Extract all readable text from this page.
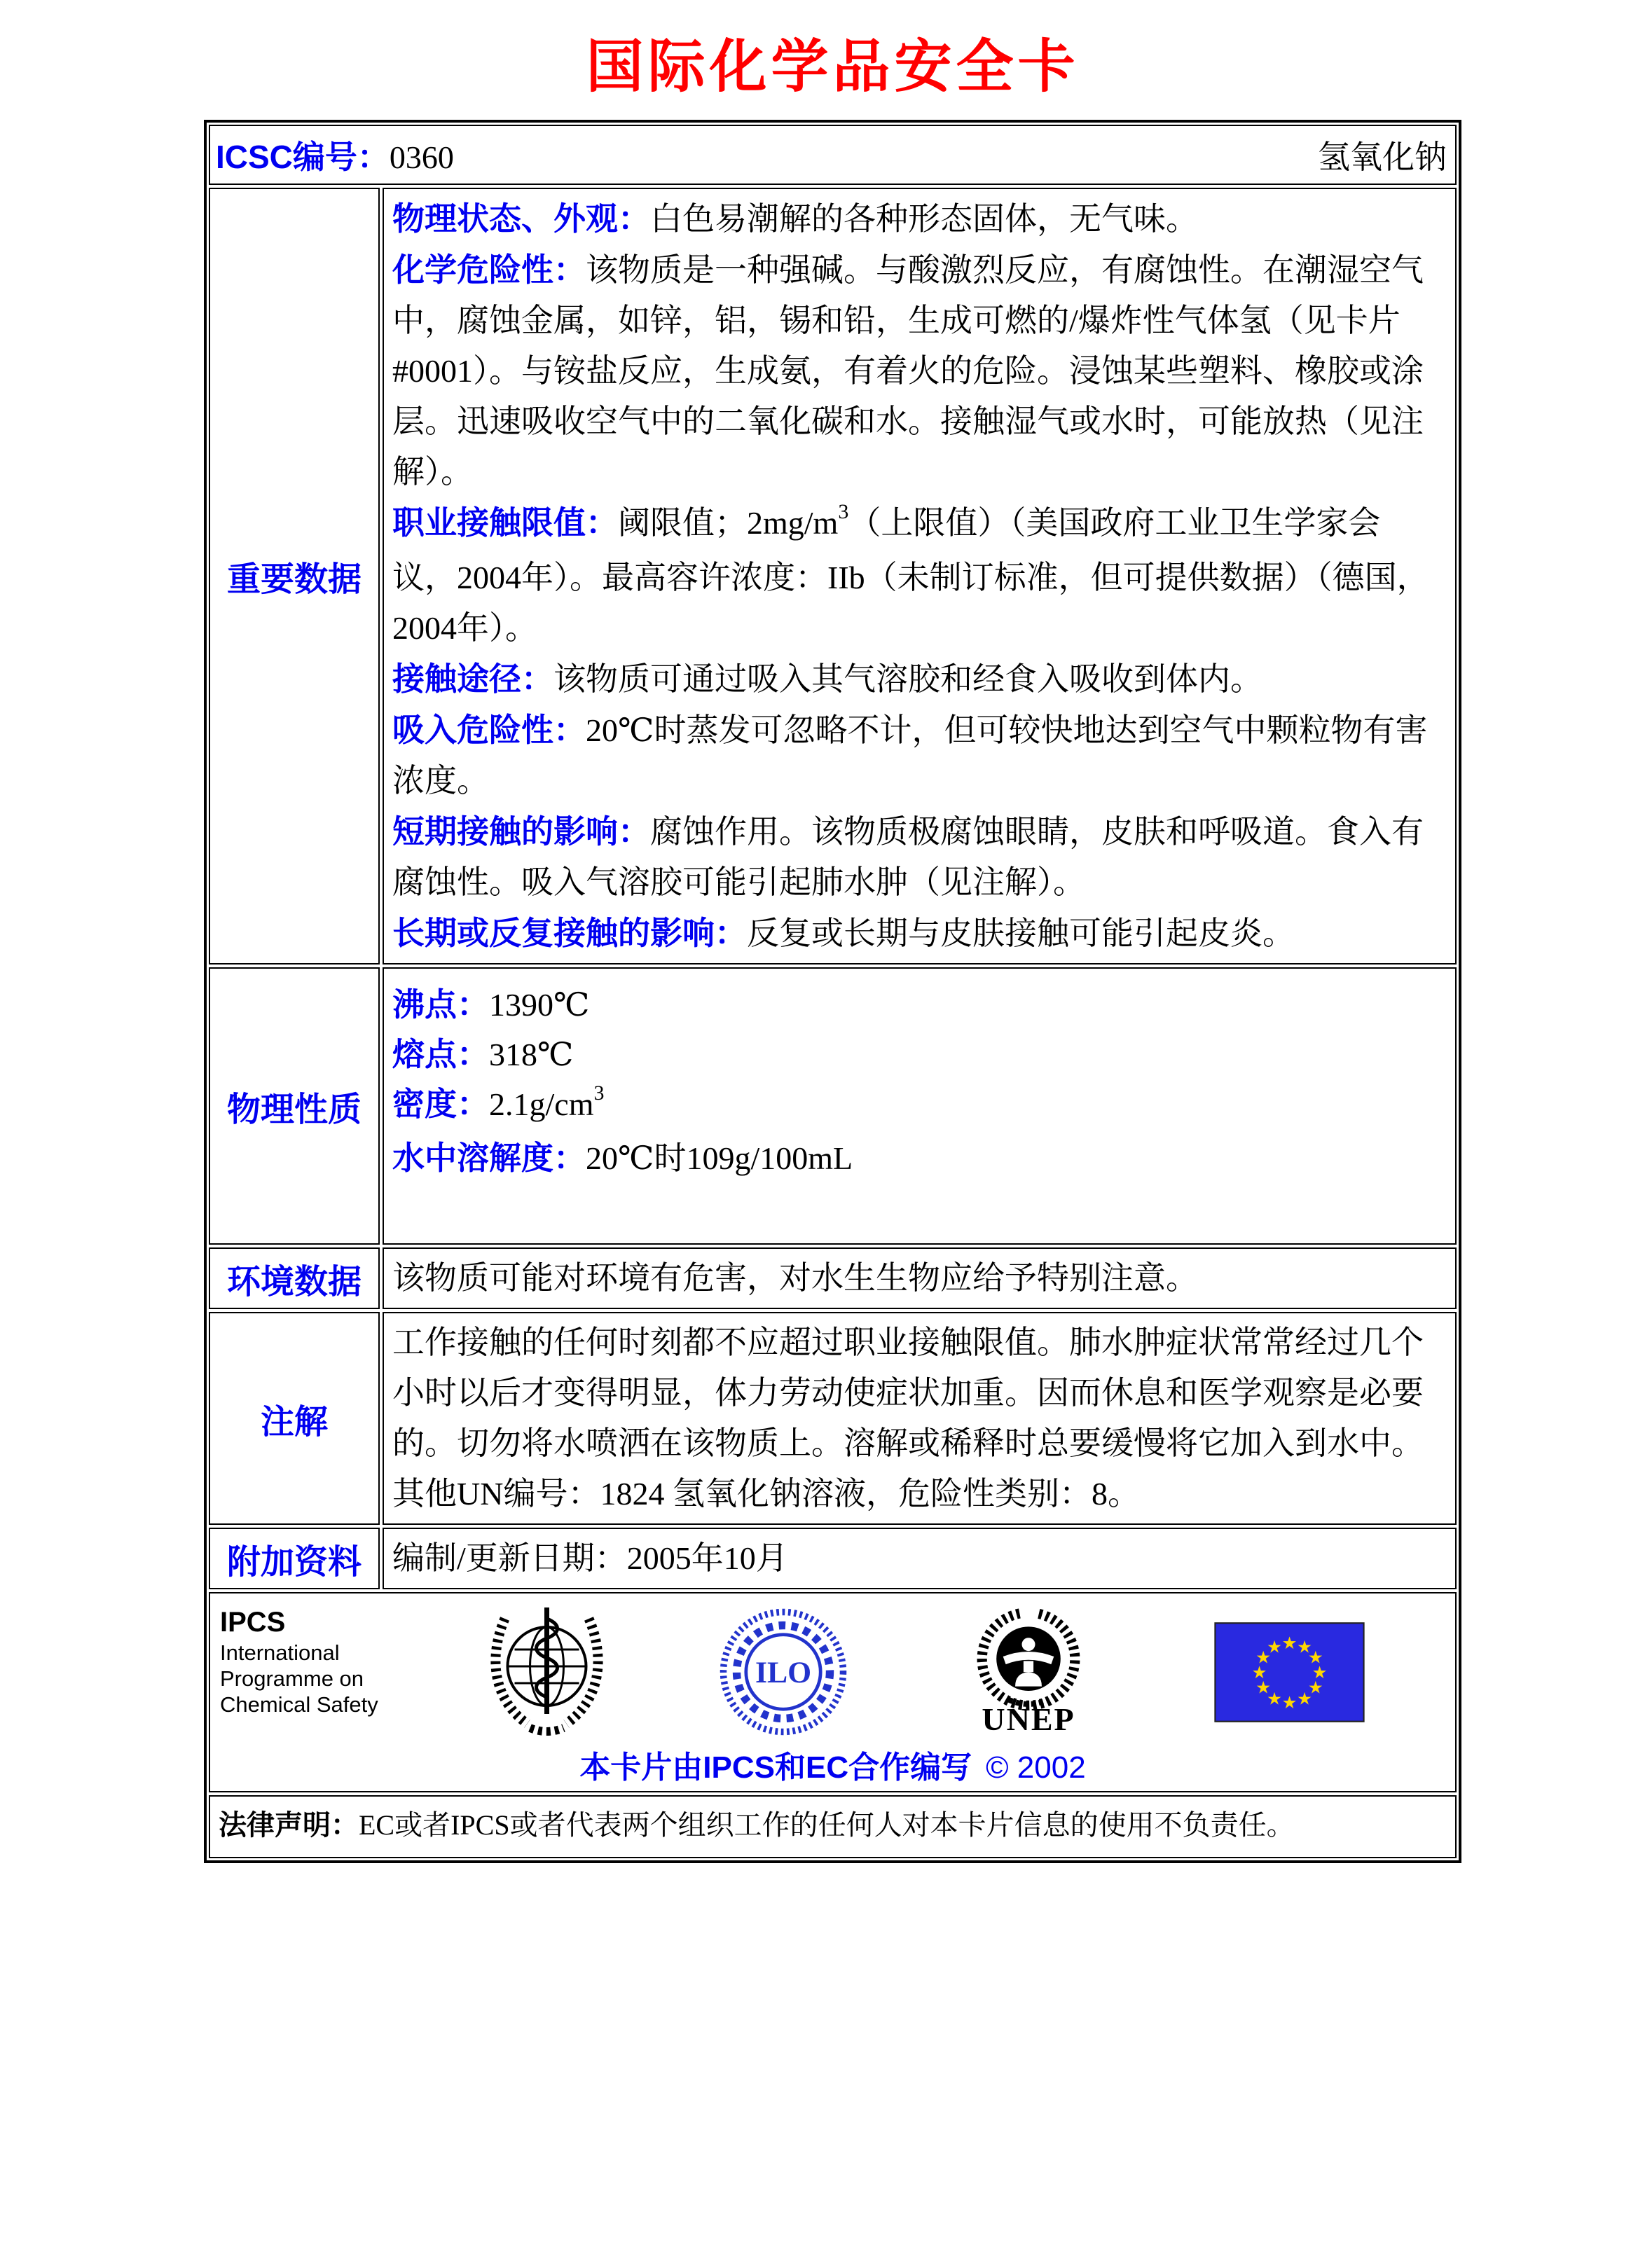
国际化学品安全卡
ICSC编号：0360	氢氧化钠
重要数据

物理状态、外观：白色易潮解的各种形态固体，无气味。

化学危险性：该物质是一种强碱。与酸激烈反应，有腐蚀性。在潮湿空气中，腐蚀金属，如锌，铝，锡和铅，生成可燃的/爆炸性气体氢（见卡片#0001）。与铵盐反应，生成氨，有着火的危险。浸蚀某些塑料、橡胶或涂层。迅速吸收空气中的二氧化碳和水。接触湿气或水时，可能放热（见注解）。

职业接触限值：阈限值；$2mg/m^3$（上限值）（美国政府工业卫生学家会议，2004年）。最高容许浓度：IIb（未制订标准，但可提供数据）（德国，2004年）。

接触途径：该物质可通过吸入其气溶胶和经食入吸收到体内。

吸入危险性：20℃时蒸发可忽略不计，但可较快地达到空气中颗粒物有害浓度。

短期接触的影响：腐蚀作用。该物质极腐蚀眼睛，皮肤和呼吸道。食入有腐蚀性。吸入气溶胶可能引起肺水肿（见注解）。

长期或反复接触的影响：反复或长期与皮肤接触可能引起皮炎。

物理性质

沸点：1390℃

熔点：318℃

密度：$2.1g/cm^3$

水中溶解度：20℃时109g/100mL

环境数据 该物质可能对环境有危害，对水生生物应给予特别注意。
注解
工作接触的任何时刻都不应超过职业接触限值。肺水肿症状常常经过几个小时以后才变得明显，体力劳动使症状加重。因而休息和医学观察是必要的。切勿将水喷洒在该物质上。溶解或稀释时总要缓慢将它加入到水中。其他UN编号：1824 氢氧化钠溶液，危险性类别：8。
附加资料 编制/更新日期：2005年10月
IPCS
International
Programme on
Chemical Safety
ILO
UNEP
★
★
★
★
★
★
★
★
★ ★ ★
★
本卡片由IPCS和EC合作编写 © 2002
法律声明：EC或者IPCS或者代表两个组织工作的任何人对本卡片信息的使用不负责任。
